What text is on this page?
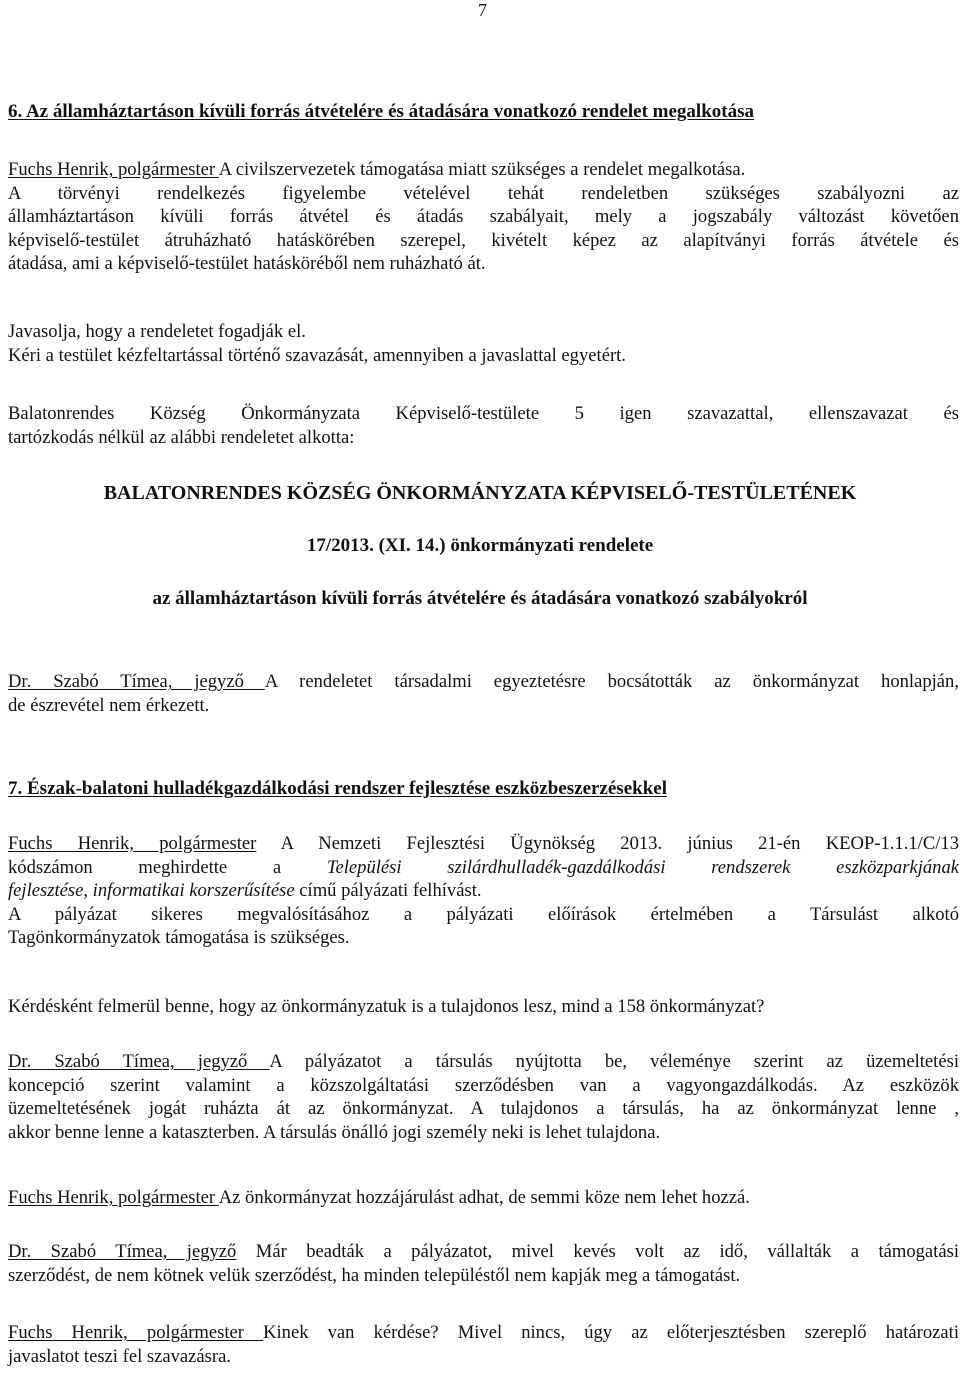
7
6. Az államháztartáson kívüli forrás átvételére és átadására vonatkozó rendelet megalkotása
Fuchs Henrik, polgármester A civilszervezetek támogatása miatt szükséges a rendelet megalkotása.
A törvényi rendelkezés figyelembe vételével tehát rendeletben szükséges szabályozni az
államháztartáson kívüli forrás átvétel és átadás szabályait, mely a jogszabály változást követően
képviselő-testület átruházható hatáskörében szerepel, kivételt képez az alapítványi forrás átvétele és
átadása, ami a képviselő-testület hatásköréből nem ruházható át.
Javasolja, hogy a rendeletet fogadják el.
Kéri a testület kézfeltartással történő szavazását, amennyiben a javaslattal egyetért.
Balatonrendes Község Önkormányzata Képviselő-testülete 5 igen szavazattal, ellenszavazat és
tartózkodás nélkül az alábbi rendeletet alkotta:
BALATONRENDES KÖZSÉG ÖNKORMÁNYZATA KÉPVISELŐ-TESTÜLETÉNEK
17/2013. (XI. 14.) önkormányzati rendelete
az államháztartáson kívüli forrás átvételére és átadására vonatkozó szabályokról
Dr. Szabó Tímea, jegyző A rendeletet társadalmi egyeztetésre bocsátották az önkormányzat honlapján,
de észrevétel nem érkezett.
7. Észak-balatoni hulladékgazdálkodási rendszer fejlesztése eszközbeszerzésekkel
Fuchs Henrik, polgármester A Nemzeti Fejlesztési Ügynökség 2013. június 21-én KEOP-1.1.1/C/13
kódszámon meghirdette a Települési szilárdhulladék-gazdálkodási rendszerek eszközparkjának
fejlesztése, informatikai korszerűsítése című pályázati felhívást.
A pályázat sikeres megvalósításához a pályázati előírások értelmében a Társulást alkotó
Tagönkormányzatok támogatása is szükséges.
Kérdésként felmerül benne, hogy az önkormányzatuk is a tulajdonos lesz, mind a 158 önkormányzat?
Dr. Szabó Tímea, jegyző A pályázatot a társulás nyújtotta be, véleménye szerint az üzemeltetési
koncepció szerint valamint a közszolgáltatási szerződésben van a vagyongazdálkodás. Az eszközök
üzemeltetésének jogát ruházta át az önkormányzat. A tulajdonos a társulás, ha az önkormányzat lenne ,
akkor benne lenne a kataszterben. A társulás önálló jogi személy neki is lehet tulajdona.
Fuchs Henrik, polgármester Az önkormányzat hozzájárulást adhat, de semmi köze nem lehet hozzá.
Dr. Szabó Tímea, jegyző Már beadták a pályázatot, mivel kevés volt az idő, vállalták a támogatási
szerződést, de nem kötnek velük szerződést, ha minden településtől nem kapják meg a támogatást.
Fuchs Henrik, polgármester Kinek van kérdése? Mivel nincs, úgy az előterjesztésben szereplő határozati
javaslatot teszi fel szavazásra.
